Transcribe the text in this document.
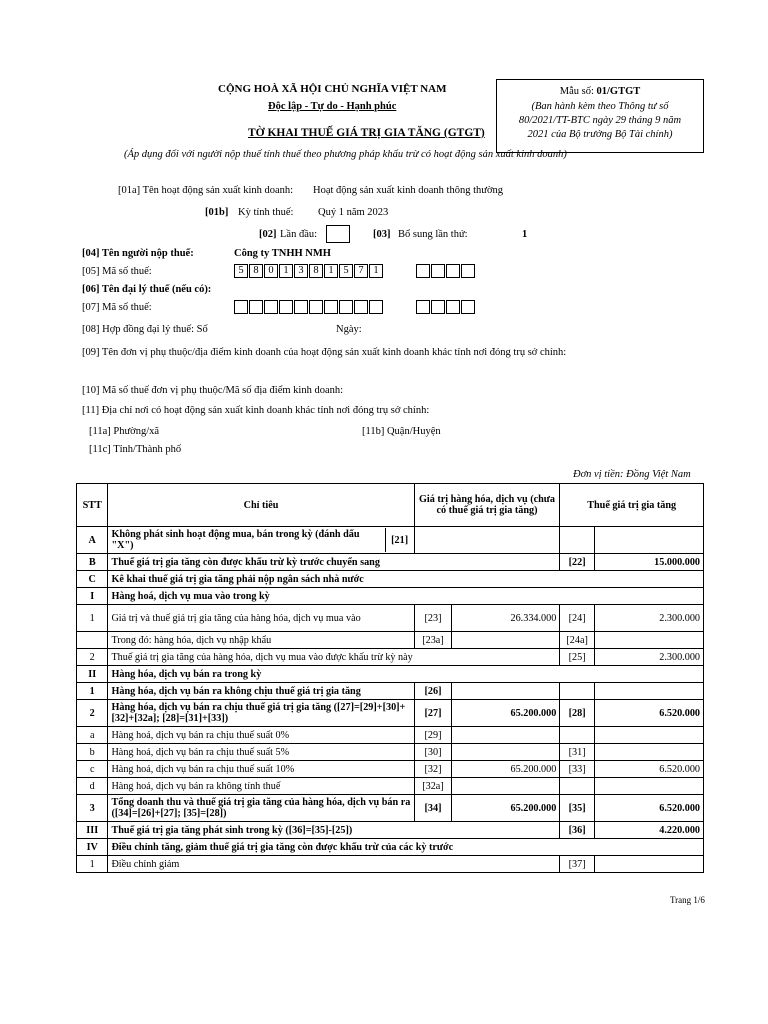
CỘNG HOÀ XÃ HỘI CHỦ NGHĨA VIỆT NAM
Độc lập - Tự do - Hạnh phúc
TỜ KHAI THUẾ GIÁ TRỊ GIA TĂNG (GTGT)
(Áp dụng đối với người nộp thuế tính thuế theo phương pháp khấu trừ có hoạt động sản xuất kinh doanh)
Mẫu số: 01/GTGT
(Ban hành kèm theo Thông tư số
80/2021/TT-BTC ngày 29 tháng 9 năm
2021 của Bộ trưởng Bộ Tài chính)
[01a] Tên hoạt động sản xuất kinh doanh: Hoạt động sản xuất kinh doanh thông thường
[01b] Kỳ tính thuế: Quý 1 năm 2023
[02] Lần đầu:	[03] Bổ sung lần thứ:	1
[04] Tên người nộp thuế:	Công ty TNHH NMH
[05] Mã số thuế:	5 8 0 1 3 8 1 5 7 1
[06] Tên đại lý thuế (nếu có):
[07] Mã số thuế:
[08] Hợp đồng đại lý thuế: Số	Ngày:
[09] Tên đơn vị phụ thuộc/địa điểm kinh doanh của hoạt động sản xuất kinh doanh khác tỉnh nơi đóng trụ sở chính:
[10] Mã số thuế đơn vị phụ thuộc/Mã số địa điểm kinh doanh:
[11] Địa chỉ nơi có hoạt động sản xuất kinh doanh khác tỉnh nơi đóng trụ sở chính:
[11a] Phường/xã	[11b] Quận/Huyện
[11c] Tỉnh/Thành phố
Đơn vị tiền: Đồng Việt Nam
STT	Chỉ tiêu	Giá trị hàng hóa, dịch vụ (chưa có thuế giá trị gia tăng)		Thuế giá trị gia tăng	
A	Không phát sinh hoạt động mua, bán trong kỳ (đánh dấu "X") [21]				

B	Thuế giá trị gia tăng còn được khấu trừ kỳ trước chuyển sang			[22]	15.000.000
C	Kê khai thuế giá trị gia tăng phải nộp ngân sách nhà nước				
I	Hàng hoá, dịch vụ mua vào trong kỳ				
1	Giá trị và thuế giá trị gia tăng của hàng hóa, dịch vụ mua vào	[23]	26.334.000	[24]	2.300.000
	Trong đó: hàng hóa, dịch vụ nhập khẩu	[23a]		[24a]	
2	Thuế giá trị gia tăng của hàng hóa, dịch vụ mua vào được khấu trừ kỳ này			[25]	2.300.000
II	Hàng hóa, dịch vụ bán ra trong kỳ				
1	Hàng hóa, dịch vụ bán ra không chịu thuế giá trị gia tăng	[26]			
2	Hàng hóa, dịch vụ bán ra chịu thuế giá trị gia tăng ([27]=[29]+[30]+[32]+[32a]; [28]=[31]+[33])	[27]	65.200.000	[28]	6.520.000
a	Hàng hoá, dịch vụ bán ra chịu thuế suất 0%	[29]			
b	Hàng hoá, dịch vụ bán ra chịu thuế suất 5%	[30]		[31]	
c	Hàng hoá, dịch vụ bán ra chịu thuế suất 10%	[32]	65.200.000	[33]	6.520.000
d	Hàng hoá, dịch vụ bán ra không tính thuế	[32a]			
3	Tổng doanh thu và thuế giá trị gia tăng của hàng hóa, dịch vụ bán ra ([34]=[26]+[27]; [35]=[28])	[34]	65.200.000	[35]	6.520.000
III	Thuế giá trị gia tăng phát sinh trong kỳ ([36]=[35]-[25])			[36]	4.220.000
IV	Điều chỉnh tăng, giảm thuế giá trị gia tăng còn được khấu trừ của các kỳ trước				
1	Điều chỉnh giảm			[37]	
Trang 1/6
